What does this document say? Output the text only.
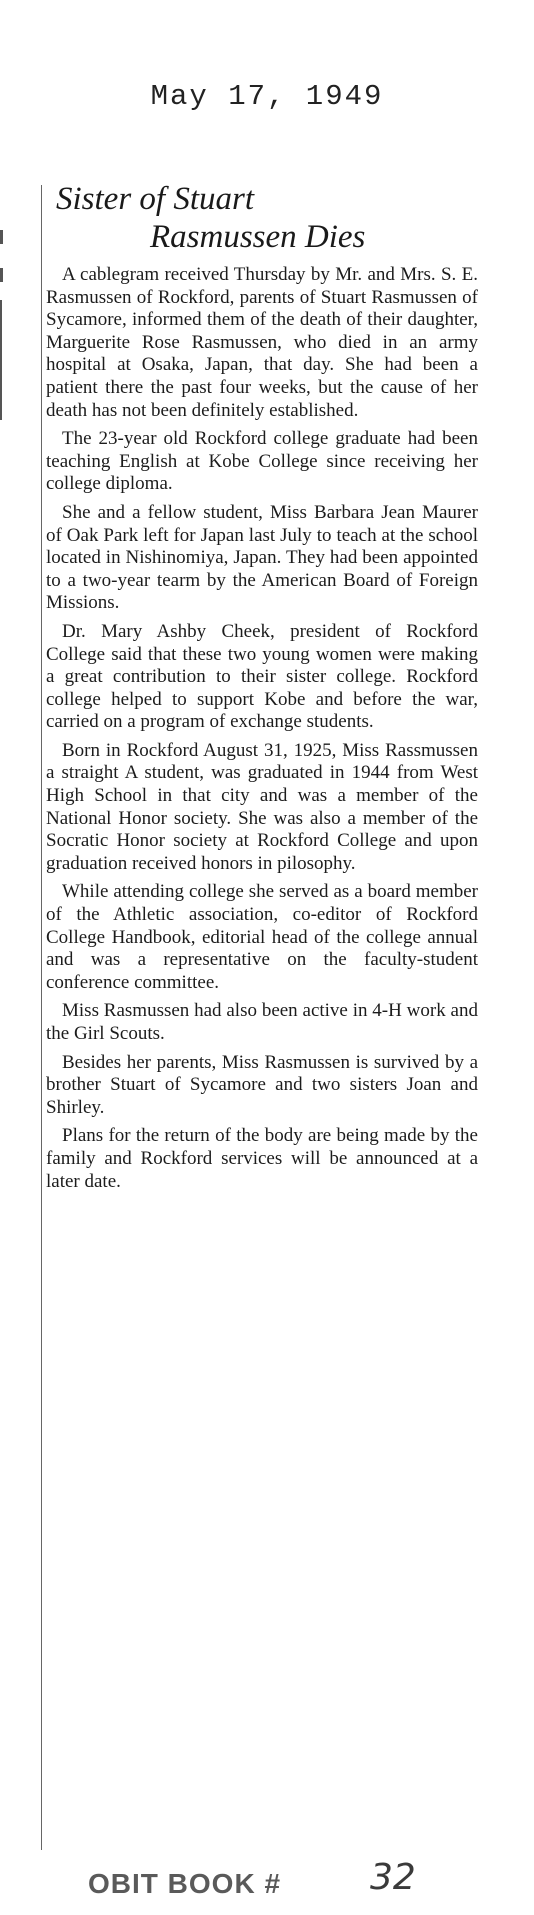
May 17, 1949
Sister of Stuart
Rasmussen Dies

A cablegram received Thursday by Mr. and Mrs. S. E. Rasmussen of Rockford, parents of Stuart Rasmussen of Sycamore, informed them of the death of their daughter, Marguerite Rose Rasmussen, who died in an army hospital at Osaka, Japan, that day. She had been a patient there the past four weeks, but the cause of her death has not been definitely established.

The 23-year old Rockford college graduate had been teaching English at Kobe College since receiving her college diploma.

She and a fellow student, Miss Barbara Jean Maurer of Oak Park left for Japan last July to teach at the school located in Nishinomiya, Japan. They had been appointed to a two-year tearm by the American Board of Foreign Missions.

Dr. Mary Ashby Cheek, president of Rockford College said that these two young women were making a great contribution to their sister college. Rockford college helped to support Kobe and before the war, carried on a program of exchange students.

Born in Rockford August 31, 1925, Miss Rassmussen a straight A student, was graduated in 1944 from West High School in that city and was a member of the National Honor society. She was also a member of the Socratic Honor society at Rockford College and upon graduation received honors in pilosophy.

While attending college she served as a board member of the Athletic association, co-editor of Rockford College Handbook, editorial head of the college annual and was a representative on the faculty-student conference committee.

Miss Rasmussen had also been active in 4-H work and the Girl Scouts.

Besides her parents, Miss Rasmussen is survived by a brother Stuart of Sycamore and two sisters Joan and Shirley.

Plans for the return of the body are being made by the family and Rockford services will be announced at a later date.

OBIT BOOK # 32
